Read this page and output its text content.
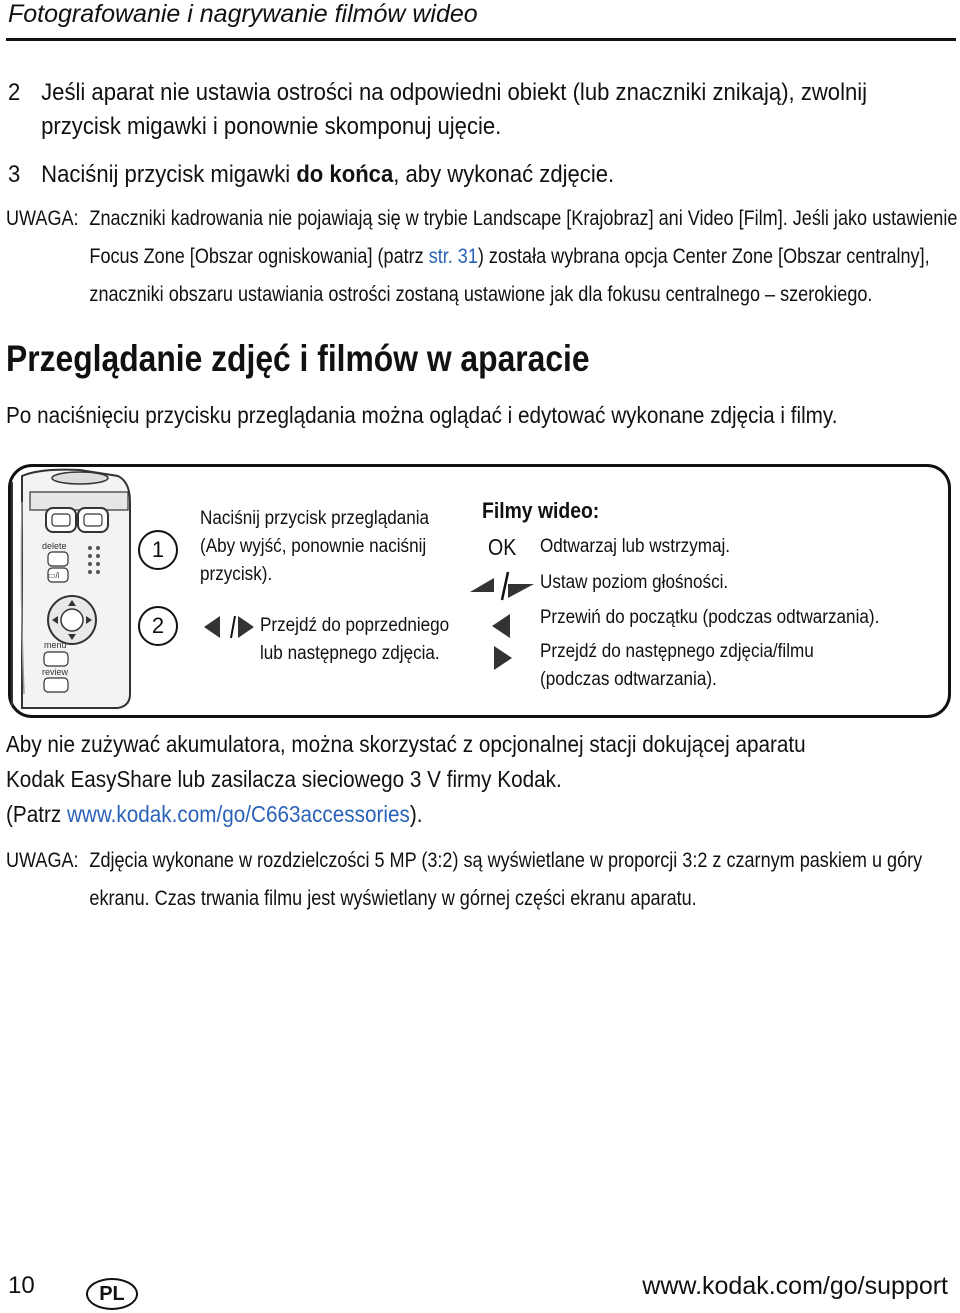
Fotografowanie i nagrywanie filmów wideo
2 Jeśli aparat nie ustawia ostrości na odpowiedni obiekt (lub znaczniki znikają), zwolnij
przycisk migawki i ponownie skomponuj ujęcie.
3 Naciśnij przycisk migawki do końca, aby wykonać zdjęcie.
UWAGA: Znaczniki kadrowania nie pojawiają się w trybie Landscape [Krajobraz] ani Video [Film]. Jeśli jako ustawienie
Focus Zone [Obszar ogniskowania] (patrz str. 31) została wybrana opcja Center Zone [Obszar centralny],
znaczniki obszaru ustawiania ostrości zostaną ustawione jak dla fokusu centralnego – szerokiego.
Przeglądanie zdjęć i filmów w aparacie
Po naciśnięciu przycisku przeglądania można oglądać i edytować wykonane zdjęcia i filmy.
delete
▭/i
menu
review
1
Naciśnij przycisk przeglądania
(Aby wyjść, ponownie naciśnij
przycisk).
2	Przejdź do poprzedniego
lub następnego zdjęcia.
Filmy wideo:
OK Odtwarzaj lub wstrzymaj.
Ustaw poziom głośności.
Przewiń do początku (podczas odtwarzania).
Przejdź do następnego zdjęcia/filmu
(podczas odtwarzania).
Aby nie zużywać akumulatora, można skorzystać z opcjonalnej stacji dokującej aparatu
Kodak EasyShare lub zasilacza sieciowego 3 V firmy Kodak.
(Patrz www.kodak.com/go/C663accessories).
UWAGA: Zdjęcia wykonane w rozdzielczości 5 MP (3:2) są wyświetlane w proporcji 3:2 z czarnym paskiem u góry
ekranu. Czas trwania filmu jest wyświetlany w górnej części ekranu aparatu.
10	PL	www.kodak.com/go/support
